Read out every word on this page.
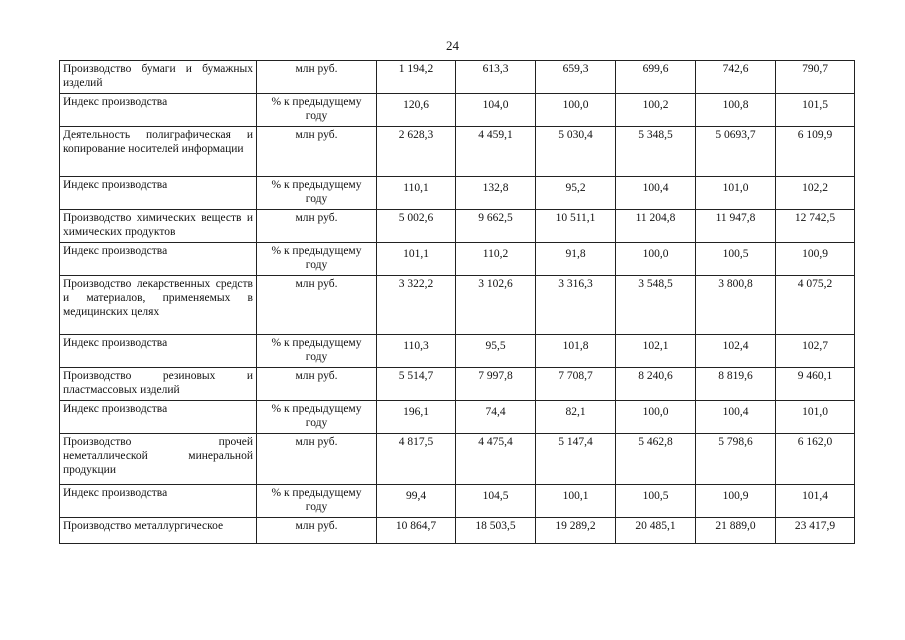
24
Производство бумаги и бумажных изделий	млн руб.	1 194,2	613,3	659,3	699,6	742,6	790,7
Индекс производства	% к предыдущему году	120,6	104,0	100,0	100,2	100,8	101,5
Деятельность полиграфическая и копирование носителей информации	млн руб.	2 628,3	4 459,1	5 030,4	5 348,5	5 0693,7	6 109,9
Индекс производства	% к предыдущему году	110,1	132,8	95,2	100,4	101,0	102,2
Производство химических веществ и химических продуктов	млн руб.	5 002,6	9 662,5	10 511,1	11 204,8	11 947,8	12 742,5
Индекс производства	% к предыдущему году	101,1	110,2	91,8	100,0	100,5	100,9
Производство лекарственных средств и материалов, применяемых в медицинских целях	млн руб.	3 322,2	3 102,6	3 316,3	3 548,5	3 800,8	4 075,2
Индекс производства	% к предыдущему году	110,3	95,5	101,8	102,1	102,4	102,7
Производство резиновых и пластмассовых изделий	млн руб.	5 514,7	7 997,8	7 708,7	8 240,6	8 819,6	9 460,1
Индекс производства	% к предыдущему году	196,1	74,4	82,1	100,0	100,4	101,0
Производство прочей неметаллической минеральной продукции	млн руб.	4 817,5	4 475,4	5 147,4	5 462,8	5 798,6	6 162,0
Индекс производства	% к предыдущему году	99,4	104,5	100,1	100,5	100,9	101,4
Производство металлургическое	млн руб.	10 864,7	18 503,5	19 289,2	20 485,1	21 889,0	23 417,9
